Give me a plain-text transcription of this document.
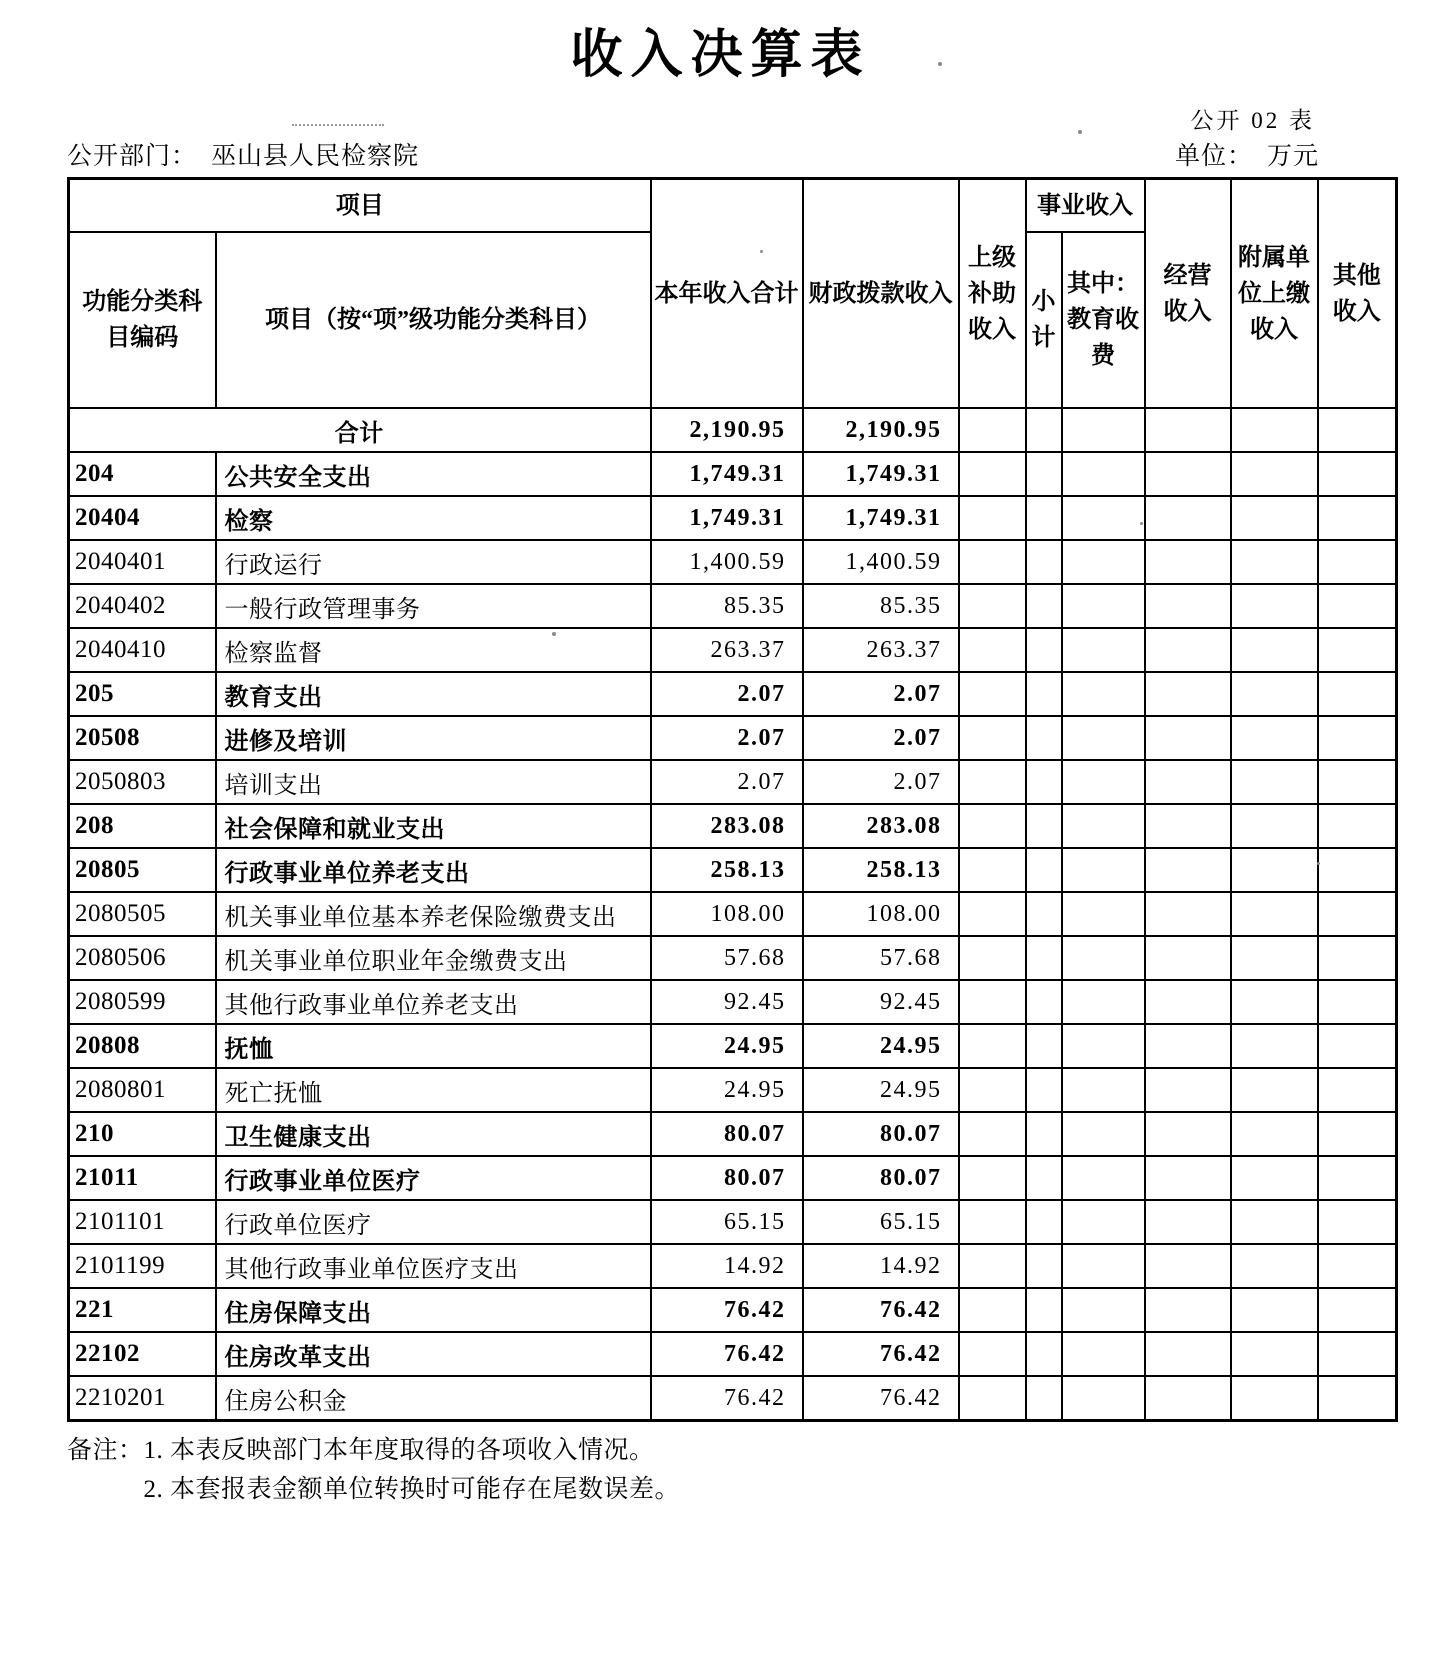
收入决算表
公开 02 表
公开部门： 巫山县人民检察院	单位： 万元
项目		本年收入合计	财政拨款收入	上级补助收入	事业收入		经营收入	附属单位上缴收入	其他收入
功能分类科目编码	项目（按“项”级功能分类科目）				小计	其中：教育收费			
合计		2,190.95	2,190.95						
204	公共安全支出	1,749.31	1,749.31						
20404	检察	1,749.31	1,749.31						
2040401	行政运行	1,400.59	1,400.59						
2040402	一般行政管理事务	85.35	85.35						
2040410	检察监督	263.37	263.37						
205	教育支出	2.07	2.07						
20508	进修及培训	2.07	2.07						
2050803	培训支出	2.07	2.07						
208	社会保障和就业支出	283.08	283.08						
20805	行政事业单位养老支出	258.13	258.13						
2080505	机关事业单位基本养老保险缴费支出	108.00	108.00						
2080506	机关事业单位职业年金缴费支出	57.68	57.68						
2080599	其他行政事业单位养老支出	92.45	92.45						
20808	抚恤	24.95	24.95						
2080801	死亡抚恤	24.95	24.95						
210	卫生健康支出	80.07	80.07						
21011	行政事业单位医疗	80.07	80.07						
2101101	行政单位医疗	65.15	65.15						
2101199	其他行政事业单位医疗支出	14.92	14.92						
221	住房保障支出	76.42	76.42						
22102	住房改革支出	76.42	76.42						
2210201	住房公积金	76.42	76.42						
备注： 1. 本表反映部门本年度取得的各项收入情况。
2. 本套报表金额单位转换时可能存在尾数误差。
